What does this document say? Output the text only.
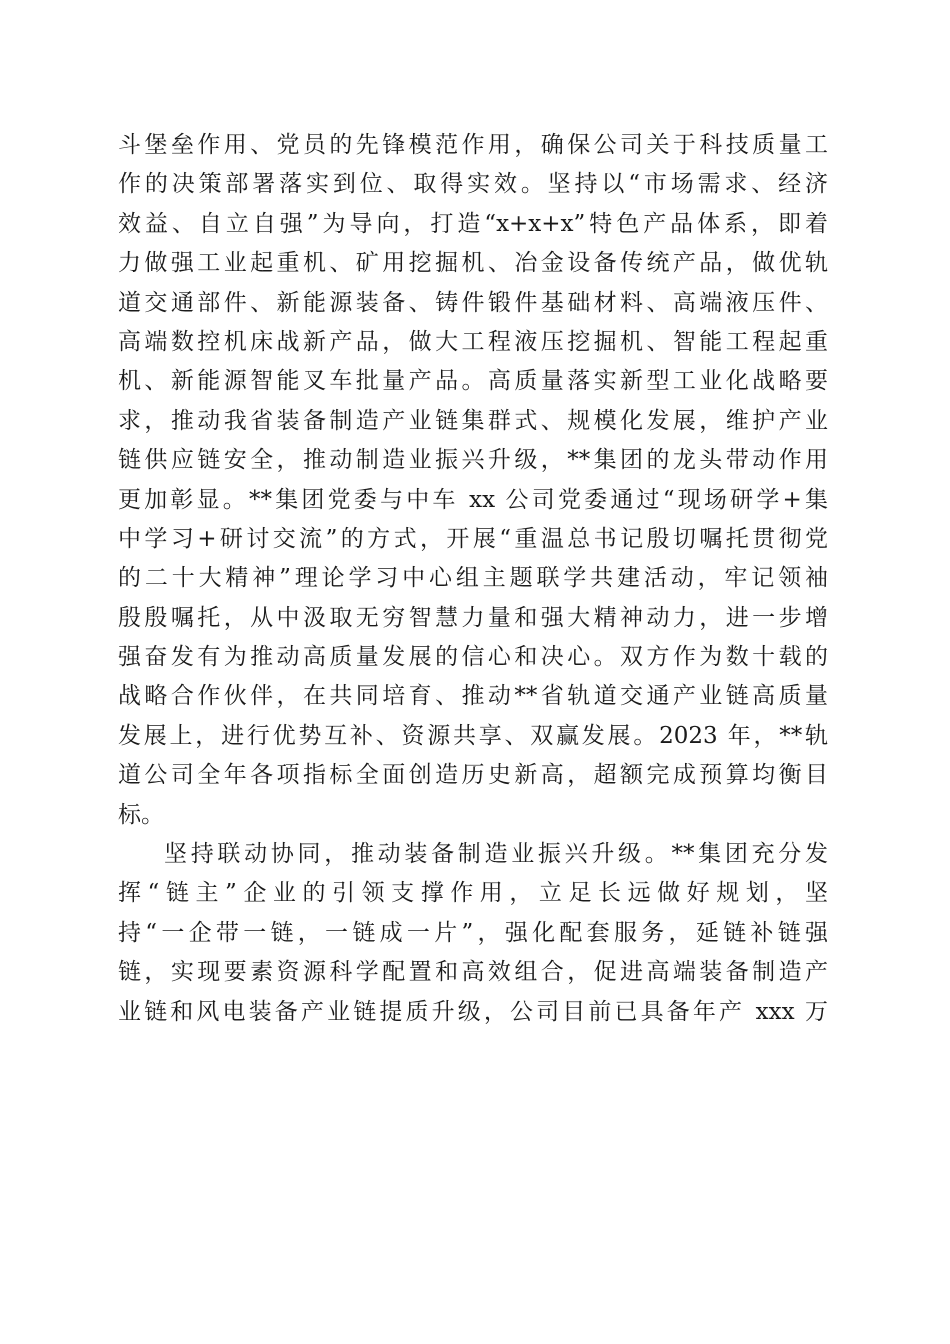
斗堡垒作用、党员的先锋模范作用，确保公司关于科技质量工
作的决策部署落实到位、取得实效。坚持以“市场需求、经济
效益、自立自强”为导向，打造“x+x+x”特色产品体系，即着
力做强工业起重机、矿用挖掘机、冶金设备传统产品，做优轨
道交通部件、新能源装备、铸件锻件基础材料、高端液压件、
高端数控机床战新产品，做大工程液压挖掘机、智能工程起重
机、新能源智能叉车批量产品。高质量落实新型工业化战略要
求，推动我省装备制造产业链集群式、规模化发展，维护产业
链供应链安全，推动制造业振兴升级，**集团的龙头带动作用
更加彰显。**集团党委与中车 xx 公司党委通过“现场研学+集
中学习+研讨交流”的方式，开展“重温总书记殷切嘱托贯彻党
的二十大精神”理论学习中心组主题联学共建活动，牢记领袖
殷殷嘱托，从中汲取无穷智慧力量和强大精神动力，进一步增
强奋发有为推动高质量发展的信心和决心。双方作为数十载的
战略合作伙伴，在共同培育、推动**省轨道交通产业链高质量
发展上，进行优势互补、资源共享、双赢发展。2023 年，**轨
道公司全年各项指标全面创造历史新高，超额完成预算均衡目
标。
坚持联动协同，推动装备制造业振兴升级。**集团充分发
挥“链主”企业的引领支撑作用，立足长远做好规划，坚
持“一企带一链，一链成一片”，强化配套服务，延链补链强
链，实现要素资源科学配置和高效组合，促进高端装备制造产
业链和风电装备产业链提质升级，公司目前已具备年产 xxx 万
